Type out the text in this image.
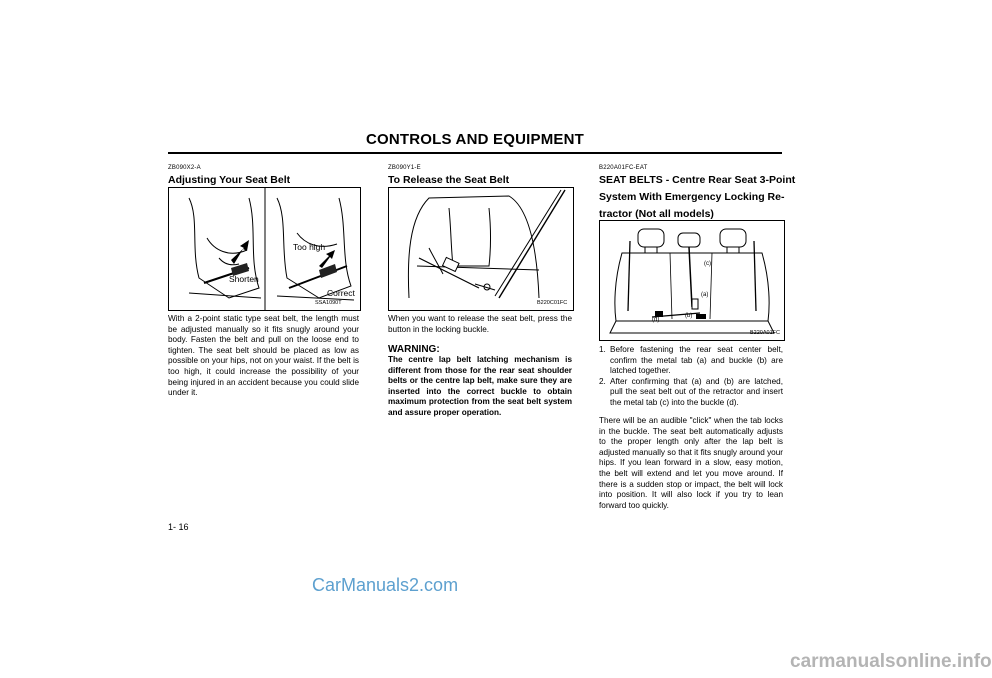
CONTROLS AND EQUIPMENT
ZB090X2-A
Adjusting Your Seat Belt
Shorten
Too high
Correct
SSA1090T
With a 2-point static type seat belt, the length must be adjusted manually so it fits snugly around your body. Fasten the belt and pull on the loose end to tighten. The seat belt should be placed as low as possible on your hips, not on your waist. If the belt is too high, it could increase the possibility of your being injured in an accident because you could slide under it.
ZB090Y1-E
To Release the Seat Belt
B220C01FC
When you want to release the seat belt, press the button in the locking buckle.
WARNING:
The centre lap belt latching mechanism is different from those for the rear seat shoulder belts or the centre lap belt, make sure they are inserted into the correct buckle to obtain maximum protection from the seat belt system and assure proper operation.
B220A01FC-EAT
SEAT BELTS - Centre Rear Seat 3-Point
System With Emergency Locking Re-
tractor (Not all models)
(c)
(a)
(b)
(d)
B220A01FC
1. Before fastening the rear seat center belt, confirm the metal tab (a) and buckle (b) are latched together.
2. After confirming that (a) and (b) are latched, pull the seat belt out of the retractor and insert the metal tab (c) into the buckle (d).
There will be an audible "click" when the tab locks in the buckle. The seat belt automatically adjusts to the proper length only after the lap belt is adjusted manually so that it fits snugly around your hips. If you lean forward in a slow, easy motion, the belt will extend and let you move around. If there is a sudden stop or impact, the belt will lock into position. It will also lock if you try to lean forward too quickly.
1- 16
CarManuals2.com
carmanualsonline.info
